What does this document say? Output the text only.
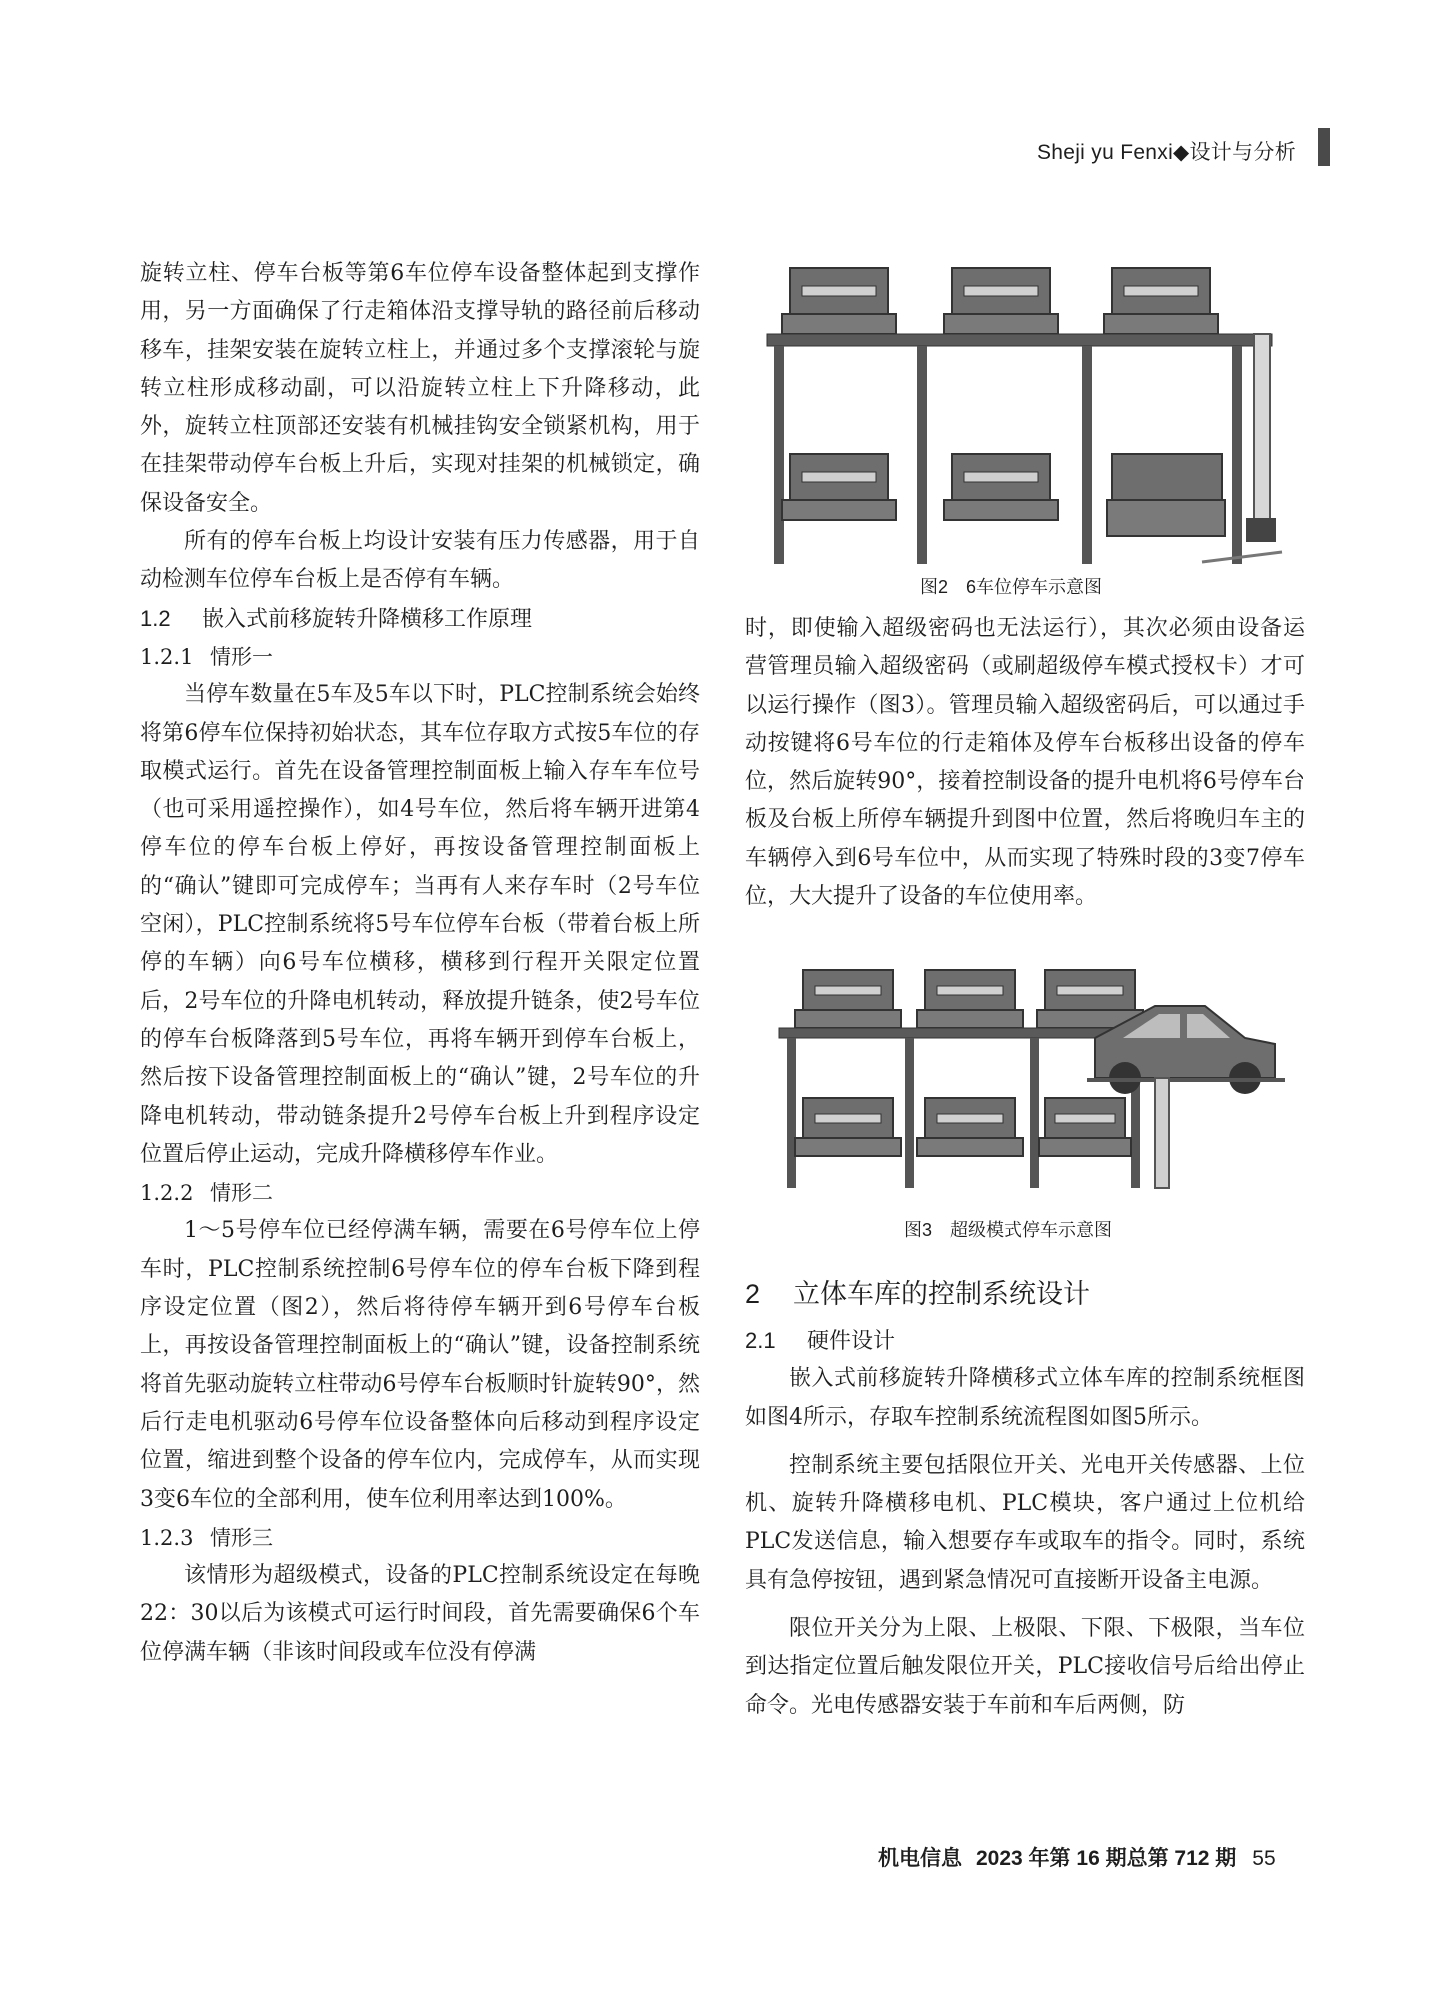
Sheji yu Fenxi◆设计与分析

旋转立柱、停车台板等第6车位停车设备整体起到支撑作用，另一方面确保了行走箱体沿支撑导轨的路径前后移动移车，挂架安装在旋转立柱上，并通过多个支撑滚轮与旋转立柱形成移动副，可以沿旋转立柱上下升降移动，此外，旋转立柱顶部还安装有机械挂钩安全锁紧机构，用于在挂架带动停车台板上升后，实现对挂架的机械锁定，确保设备安全。

所有的停车台板上均设计安装有压力传感器，用于自动检测车位停车台板上是否停有车辆。

1.2 嵌入式前移旋转升降横移工作原理

1.2.1 情形一

当停车数量在5车及5车以下时，PLC控制系统会始终将第6停车位保持初始状态，其车位存取方式按5车位的存取模式运行。首先在设备管理控制面板上输入存车车位号（也可采用遥控操作），如4号车位，然后将车辆开进第4停车位的停车台板上停好，再按设备管理控制面板上的“确认”键即可完成停车；当再有人来存车时（2号车位空闲），PLC控制系统将5号车位停车台板（带着台板上所停的车辆）向6号车位横移，横移到行程开关限定位置后，2号车位的升降电机转动，释放提升链条，使2号车位的停车台板降落到5号车位，再将车辆开到停车台板上，然后按下设备管理控制面板上的“确认”键，2号车位的升降电机转动，带动链条提升2号停车台板上升到程序设定位置后停止运动，完成升降横移停车作业。

1.2.2 情形二

1～5号停车位已经停满车辆，需要在6号停车位上停车时，PLC控制系统控制6号停车位的停车台板下降到程序设定位置（图2），然后将待停车辆开到6号停车台板上，再按设备管理控制面板上的“确认”键，设备控制系统将首先驱动旋转立柱带动6号停车台板顺时针旋转90°，然后行走电机驱动6号停车位设备整体向后移动到程序设定位置，缩进到整个设备的停车位内，完成停车，从而实现3变6车位的全部利用，使车位利用率达到100%。

1.2.3 情形三

该情形为超级模式，设备的PLC控制系统设定在每晚22：30以后为该模式可运行时间段，首先需要确保6个车位停满车辆（非该时间段或车位没有停满

图2　6车位停车示意图

时，即使输入超级密码也无法运行），其次必须由设备运营管理员输入超级密码（或刷超级停车模式授权卡）才可以运行操作（图3）。管理员输入超级密码后，可以通过手动按键将6号车位的行走箱体及停车台板移出设备的停车位，然后旋转90°，接着控制设备的提升电机将6号停车台板及台板上所停车辆提升到图中位置，然后将晚归车主的车辆停入到6号车位中，从而实现了特殊时段的3变7停车位，大大提升了设备的车位使用率。

图3　超级模式停车示意图

2 立体车库的控制系统设计

2.1 硬件设计

嵌入式前移旋转升降横移式立体车库的控制系统框图如图4所示，存取车控制系统流程图如图5所示。

控制系统主要包括限位开关、光电开关传感器、上位机、旋转升降横移电机、PLC模块，客户通过上位机给PLC发送信息，输入想要存车或取车的指令。同时，系统具有急停按钮，遇到紧急情况可直接断开设备主电源。

限位开关分为上限、上极限、下限、下极限，当车位到达指定位置后触发限位开关，PLC接收信号后给出停止命令。光电传感器安装于车前和车后两侧，防

机电信息 2023 年第 16 期总第 712 期 55
